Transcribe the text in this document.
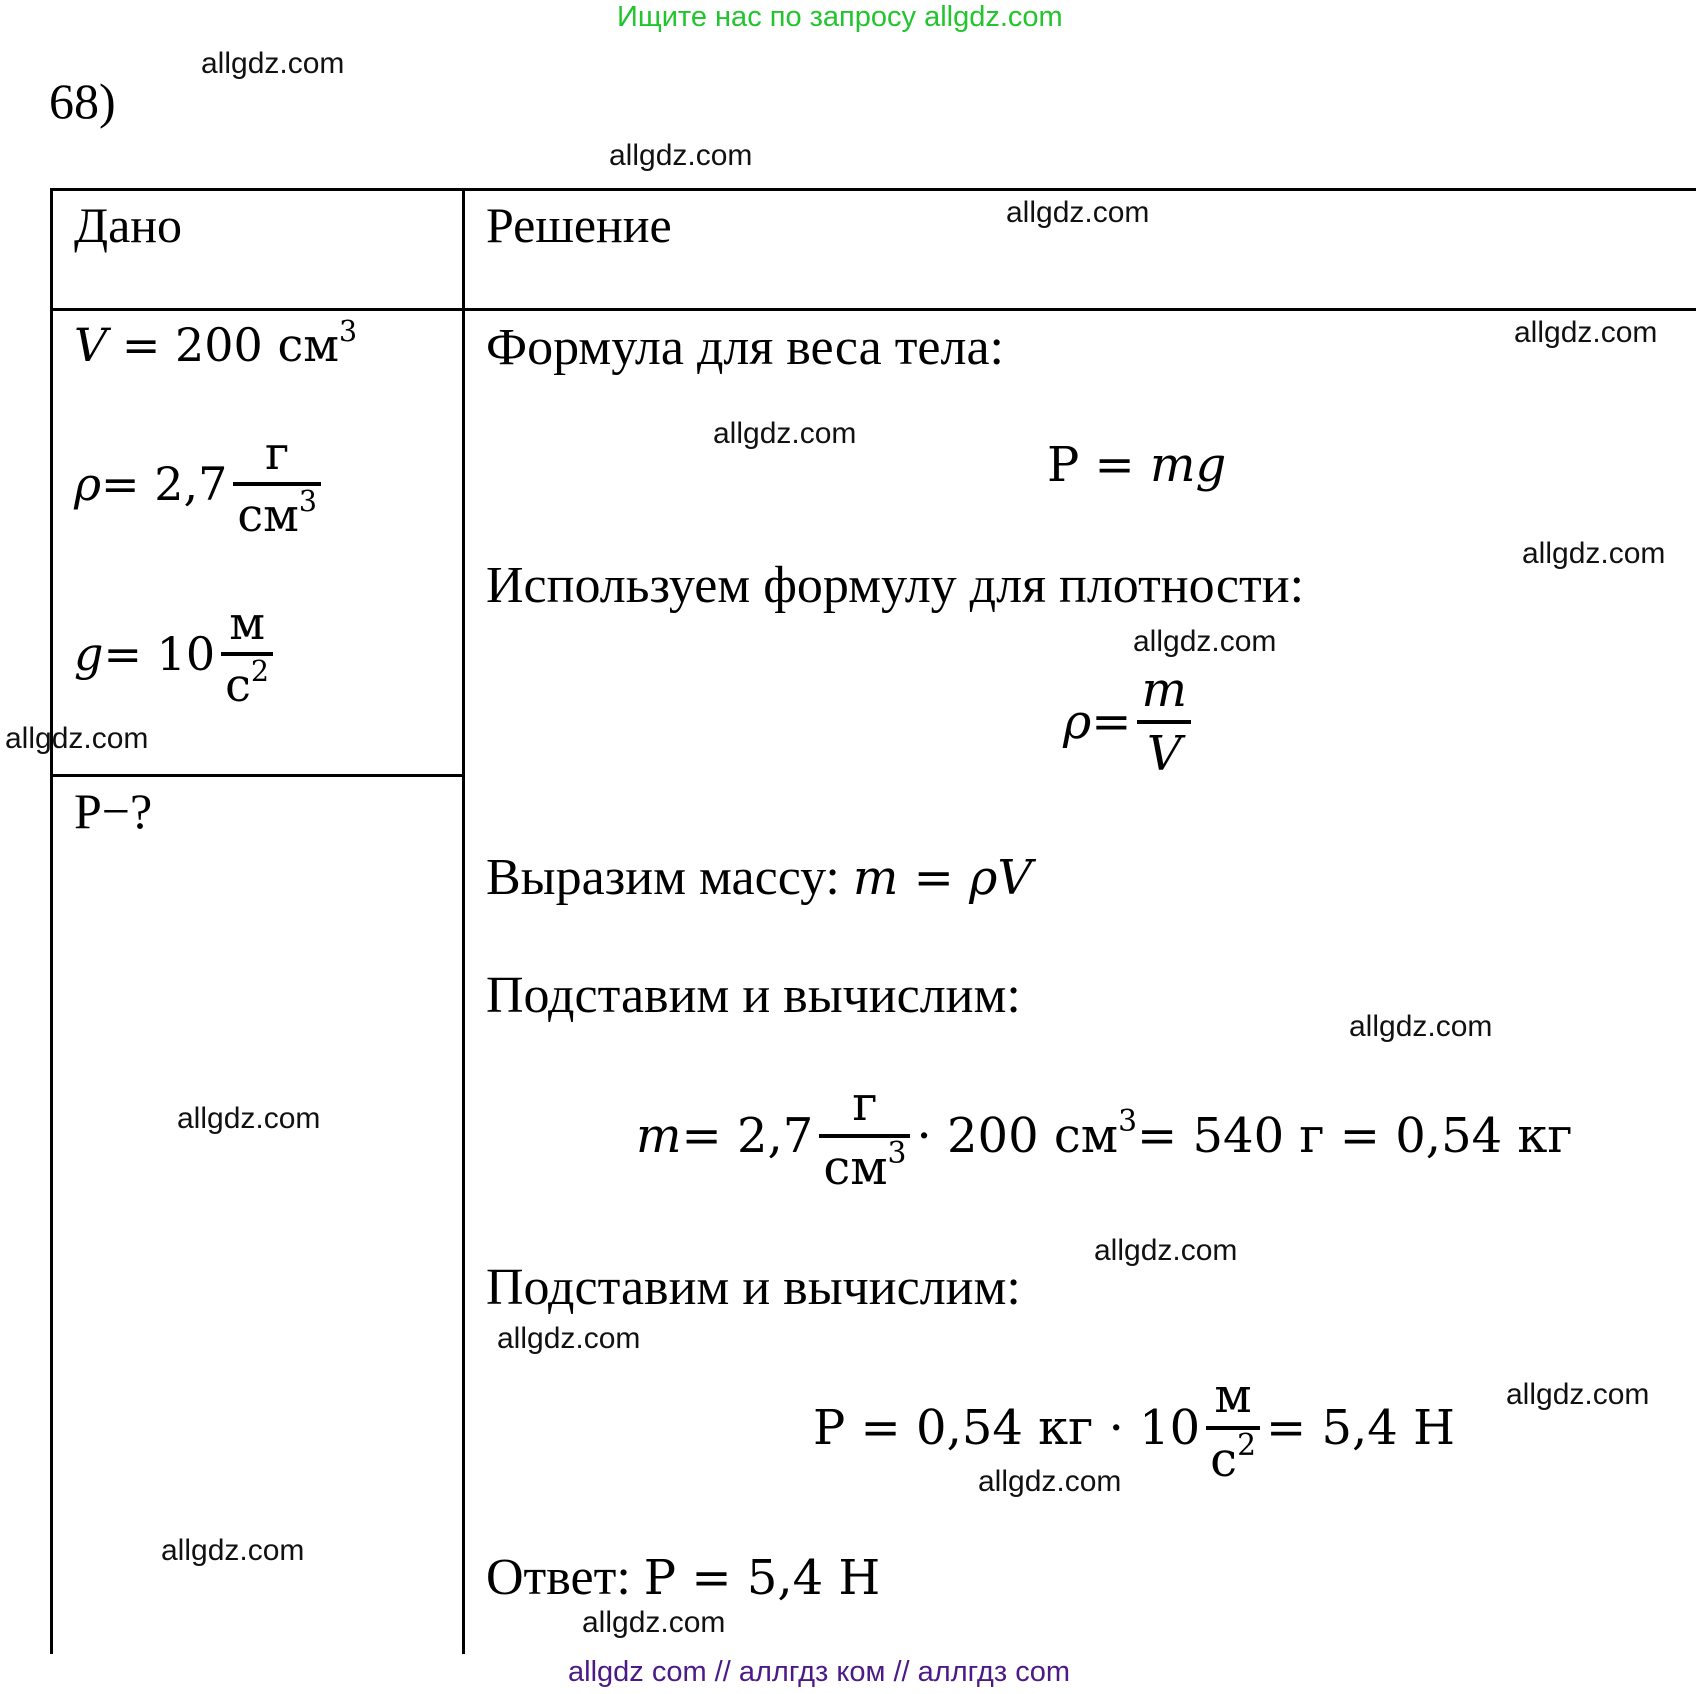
Ищите нас по запросу allgdz.com
68)
Дано	Решение
V = 200 $см^3$
$\rho = 2,7 \frac{г}{см^3}$
$g = 10 \frac{м}{с^2}$
P−?
Формула для веса тела:
P = mg
Используем формулу для плотности:
$\rho = \frac{m}{V}$
Выразим массу: m = ρV
Подставим и вычислим:
$m = 2,7 \frac{г}{см^3} \cdot 200$ $см^3 = 540$ г = 0,54 кг
Подставим и вычислим:
P = 0,54 кг · $10 \frac{м}{с^2} = 5,4$ Н
Ответ: P = 5,4 Н
allgdz.com
allgdz.com
allgdz.com
allgdz.com
allgdz.com
allgdz.com
allgdz.com
allgdz.com
allgdz.com
allgdz.com
allgdz.com
allgdz.com
allgdz.com
allgdz.com
allgdz.com
allgdz.com
allgdz com // аллгдз ком // аллгдз com
